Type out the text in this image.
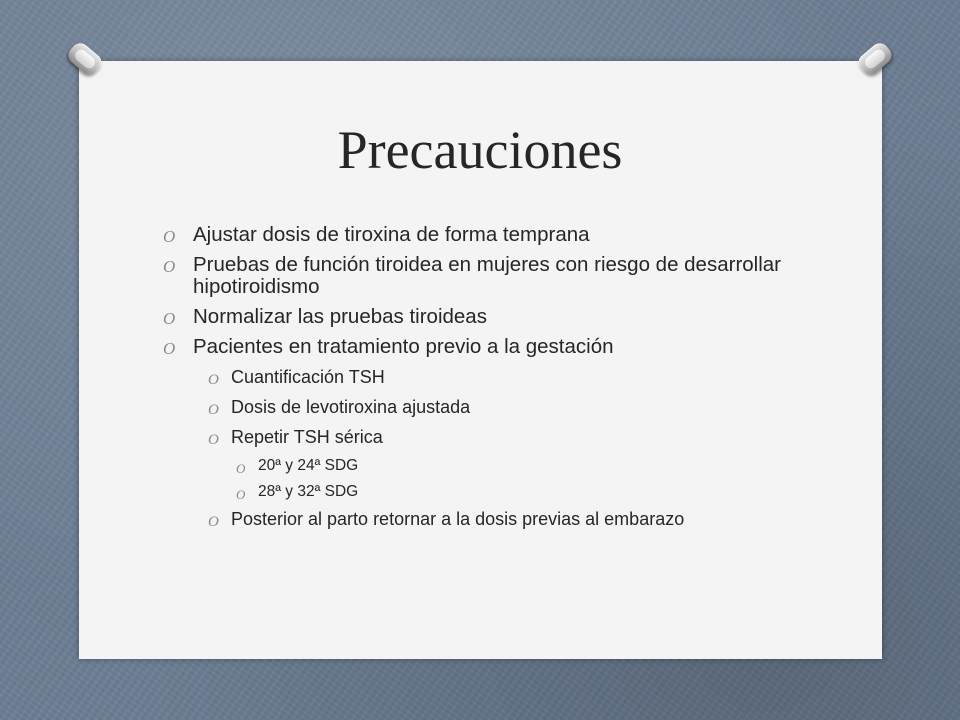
Precauciones
O Ajustar dosis de tiroxina de forma temprana
O Pruebas de función tiroidea en mujeres con riesgo de desarrollar hipotiroidismo
O Normalizar las pruebas tiroideas
O Pacientes en tratamiento previo a la gestación
O Cuantificación TSH
O Dosis de levotiroxina ajustada
O Repetir TSH sérica
O 20ª y 24ª SDG
O 28ª y 32ª SDG
O Posterior al parto retornar a la dosis previas al embarazo
